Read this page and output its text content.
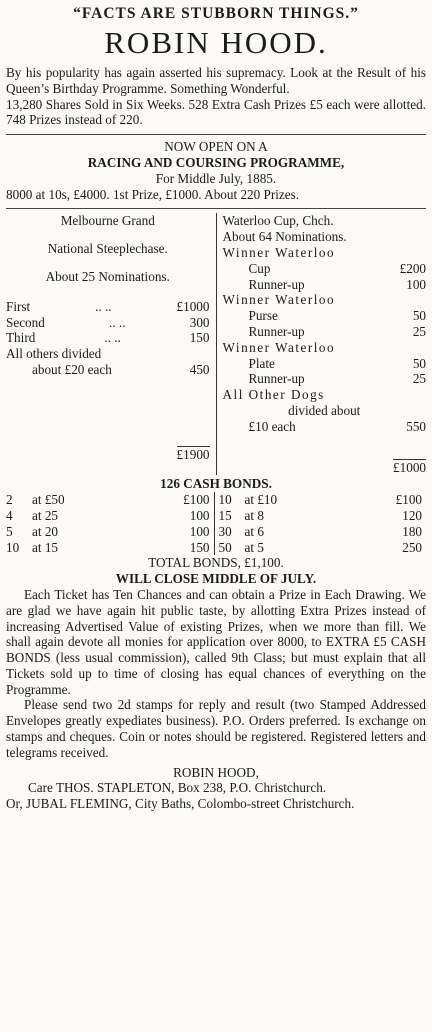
“FACTS ARE STUBBORN THINGS.”

ROBIN HOOD.

By his popularity has again asserted his supremacy. Look at the Result of his Queen’s Birthday Programme. Something Wonderful.

13,280 Shares Sold in Six Weeks. 528 Extra Cash Prizes £5 each were allotted. 748 Prizes instead of 220.

NOW OPEN ON A

RACING AND COURSING PROGRAMME,

For Middle July, 1885.

8000 at 10s, £4000. 1st Prize, £1000. About 220 Prizes.

Melbourne Grand

National Steeplechase.

About 25 Nominations.

First	.. ..	£1000
Second	.. ..	300
Third	.. ..	150

All others divided

about £20 each	450
£1900

Waterloo Cup, Chch.

About 64 Nominations.

Winner Waterloo

Cup	£200
Runner-up	100

Winner Waterloo

Purse	50
Runner-up	25

Winner Waterloo

Plate	50
Runner-up	25

All Other Dogs

divided about

£10 each	550
£1000

126 CASH BONDS.

2	at £50	£100
4	at 25	100
5	at 20	100
10 at 15	150
10 at £10	£100
15 at 8	120
30 at 6	180
50 at 5	250

TOTAL BONDS, £1,100.

WILL CLOSE MIDDLE OF JULY.

Each Ticket has Ten Chances and can obtain a Prize in Each Drawing. We are glad we have again hit public taste, by allotting Extra Prizes instead of increasing Advertised Value of existing Prizes, when we more than fill. We shall again devote all monies for application over 8000, to EXTRA £5 CASH BONDS (less usual commission), called 9th Class; but must explain that all Tickets sold up to time of closing has equal chances of everything on the Programme.

Please send two 2d stamps for reply and result (two Stamped Addressed Envelopes greatly expediates business). P.O. Orders preferred. Is exchange on stamps and cheques. Coin or notes should be registered. Registered letters and telegrams received.

ROBIN HOOD,

Care THOS. STAPLETON, Box 238, P.O. Christchurch.

Or, JUBAL FLEMING, City Baths, Colombo-street Christchurch.
